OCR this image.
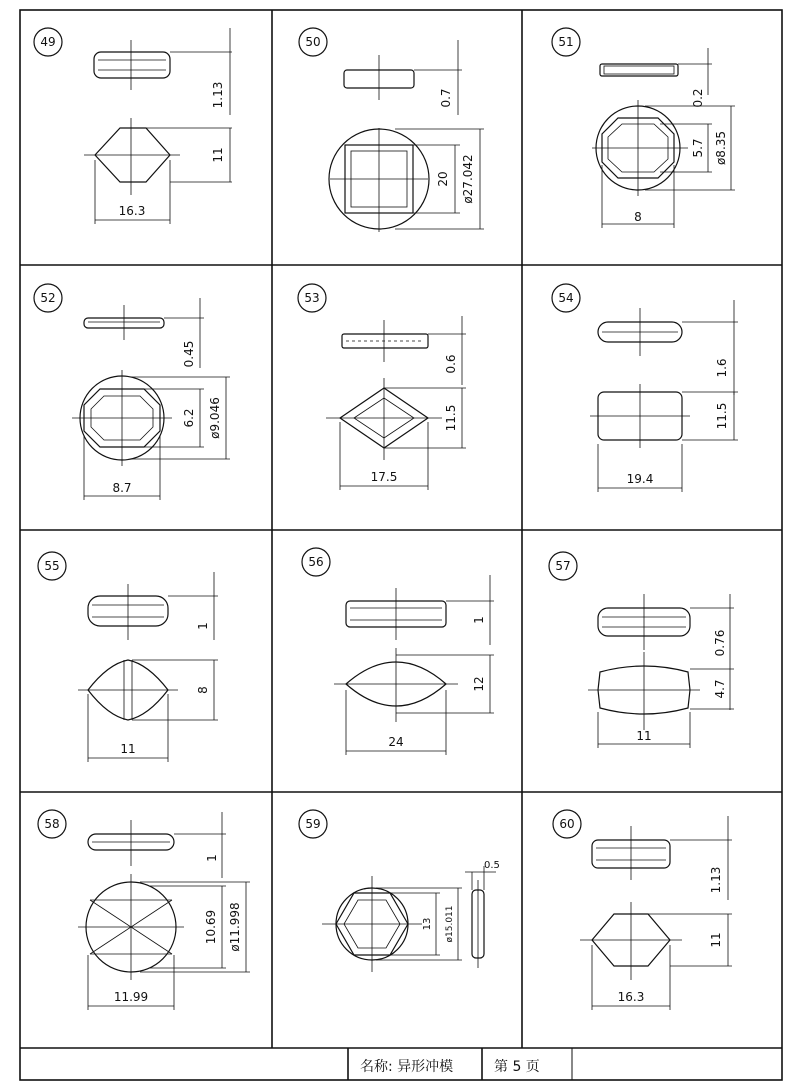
名称: 异形冲模	第 5 页
49
1.13
11
16.3
50
0.7
20 ø27.042
51
0.2
5.7 ø8.35
8
52
0.45
6.2 ø9.046
8.7
53
0.6
11.5
17.5
54
1.6
11.5
19.4
55
1
8
11
56
1
12
24
57
0.76
4.7
11
58
1
10.69 ø11.998
11.99
59
0.5
13 ø15.011
60
1.13
11
16.3
